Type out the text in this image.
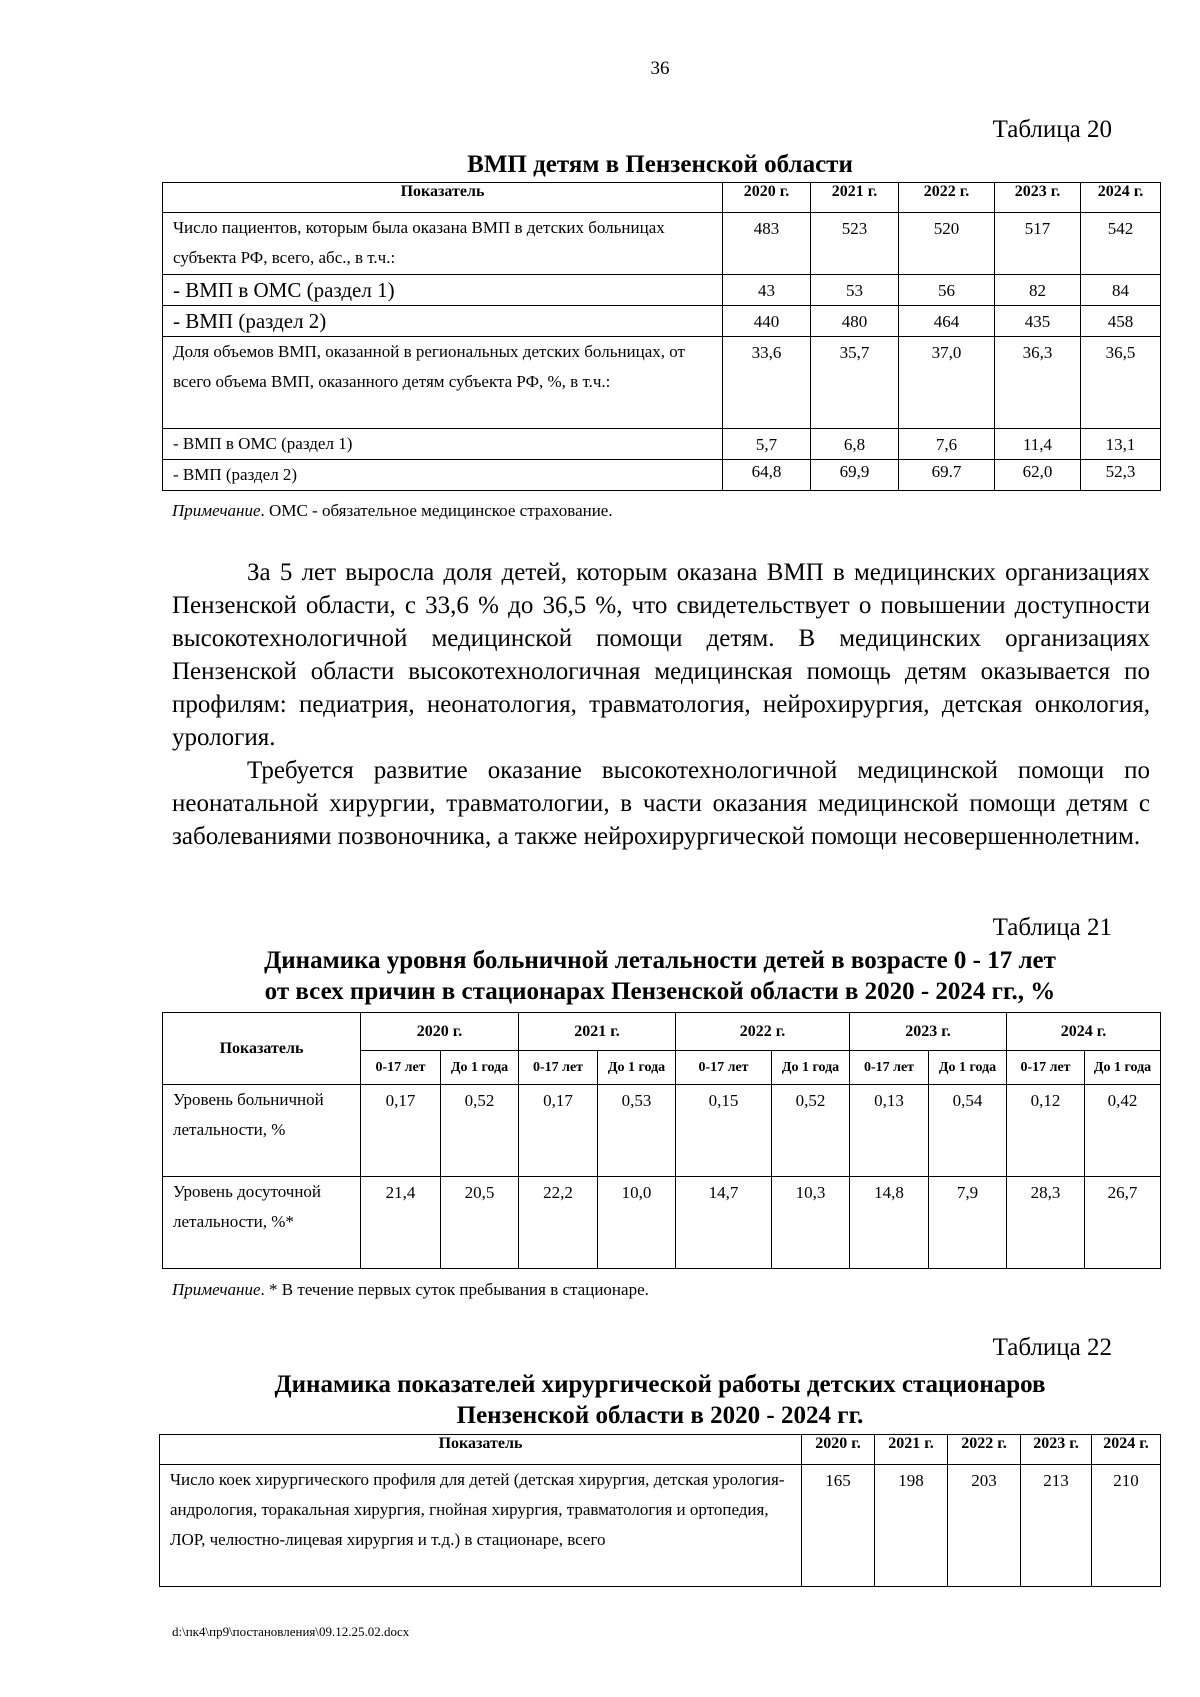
36
Таблица 20
ВМП детям в Пензенской области
Показатель	2020 г.	2021 г.	2022 г.	2023 г.	2024 г.
Число пациентов, которым была оказана ВМП в детских больницах субъекта РФ, всего, абс., в т.ч.:	483	523	520	517	542
- ВМП в ОМС (раздел 1)	43	53	56	82	84
- ВМП (раздел 2)	440	480	464	435	458
Доля объемов ВМП, оказанной в региональных детских больницах, от всего объема ВМП, оказанного детям субъекта РФ, %, в т.ч.:	33,6	35,7	37,0	36,3	36,5
- ВМП в ОМС (раздел 1)	5,7	6,8	7,6	11,4	13,1
- ВМП (раздел 2)	64,8	69,9	69.7	62,0	52,3
Примечание. ОМС - обязательное медицинское страхование.

За 5 лет выросла доля детей, которым оказана ВМП в медицинских организациях Пензенской области, с 33,6 % до 36,5 %, что свидетельствует о повышении доступности высокотехнологичной медицинской помощи детям. В медицинских организациях Пензенской области высокотехнологичная медицинская помощь детям оказывается по профилям: педиатрия, неонатология, травматология, нейрохирургия, детская онкология, урология.

Требуется развитие оказание высокотехнологичной медицинской помощи по неонатальной хирургии, травматологии, в части оказания медицинской помощи детям с заболеваниями позвоночника, а также нейрохирургической помощи несовершеннолетним.

Таблица 21
Динамика уровня больничной летальности детей в возрасте 0 - 17 лет
от всех причин в стационарах Пензенской области в 2020 - 2024 гг., %
Показатель	2020 г.		2021 г.		2022 г.		2023 г.		2024 г.	
	0-17 лет	До 1 года	0-17 лет	До 1 года	0-17 лет	До 1 года	0-17 лет	До 1 года	0-17 лет	До 1 года
Уровень больничной летальности, %	0,17	0,52	0,17	0,53	0,15	0,52	0,13	0,54	0,12	0,42
Уровень досуточной летальности, %*	21,4	20,5	22,2	10,0	14,7	10,3	14,8	7,9	28,3	26,7
Примечание. * В течение первых суток пребывания в стационаре.
Таблица 22
Динамика показателей хирургической работы детских стационаров
Пензенской области в 2020 - 2024 гг.
Показатель	2020 г.	2021 г.	2022 г.	2023 г.	2024 г.
Число коек хирургического профиля для детей (детская хирургия, детская урология-андрология, торакальная хирургия, гнойная хирургия, травматология и ортопедия, ЛОР, челюстно-лицевая хирургия и т.д.) в стационаре, всего	165	198	203	213	210
d:\пк4\пр9\постановления\09.12.25.02.docx
